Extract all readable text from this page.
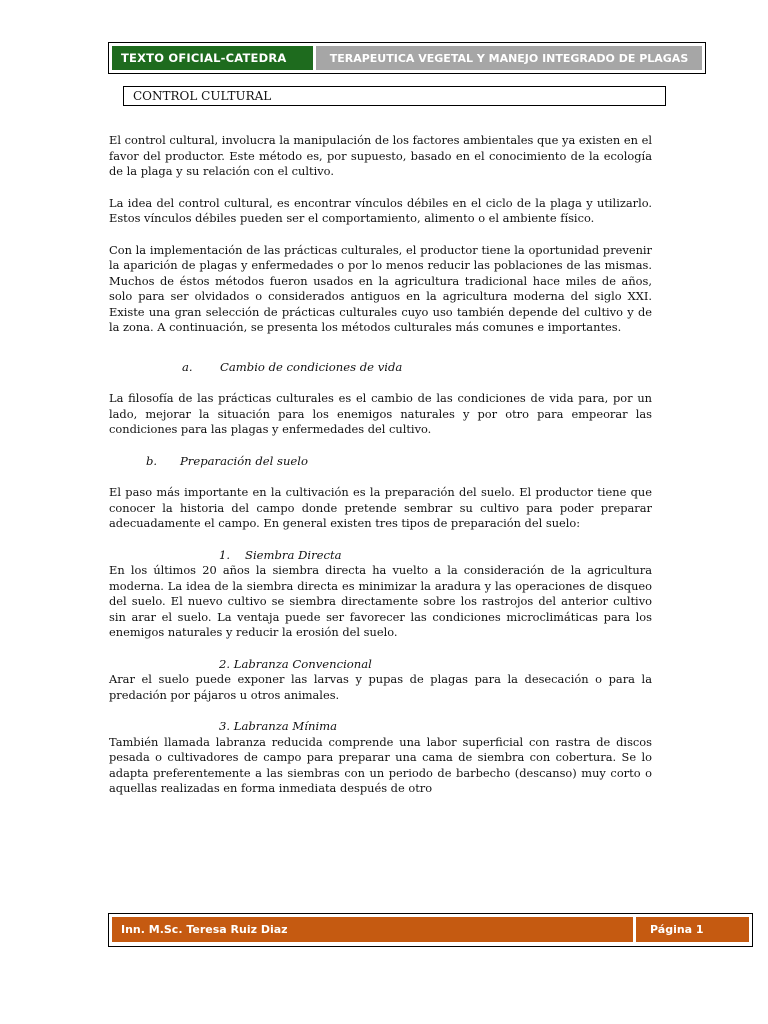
TEXTO OFICIAL-CATEDRA	TERAPEUTICA VEGETAL Y MANEJO INTEGRADO DE PLAGAS
CONTROL CULTURAL

El control cultural, involucra la manipulación de los factores ambientales que ya existen en el favor del productor. Este método es, por supuesto, basado en el conocimiento de la ecología de la plaga y su relación con el cultivo.

La idea del control cultural, es encontrar vínculos débiles en el ciclo de la plaga y utilizarlo. Estos vínculos débiles pueden ser el comportamiento, alimento o el ambiente físico.

Con la implementación de las prácticas culturales, el productor tiene la oportunidad prevenir la aparición de plagas y enfermedades o por lo menos reducir las poblaciones de las mismas. Muchos de éstos métodos fueron usados en la agricultura tradicional hace miles de años, solo para ser olvidados o considerados antiguos en la agricultura moderna del siglo XXI. Existe una gran selección de prácticas culturales cuyo uso también depende del cultivo y de la zona. A continuación, se presenta los métodos culturales más comunes e importantes.

a. Cambio de condiciones de vida

La filosofía de las prácticas culturales es el cambio de las condiciones de vida para, por un lado, mejorar la situación para los enemigos naturales y por otro para empeorar las condiciones para las plagas y enfermedades del cultivo.

b. Preparación del suelo

El paso más importante en la cultivación es la preparación del suelo. El productor tiene que conocer la historia del campo donde pretende sembrar su cultivo para poder preparar adecuadamente el campo. En general existen tres tipos de preparación del suelo:

1. Siembra Directa

En los últimos 20 años la siembra directa ha vuelto a la consideración de la agricultura moderna. La idea de la siembra directa es minimizar la aradura y las operaciones de disqueo del suelo. El nuevo cultivo se siembra directamente sobre los rastrojos del anterior cultivo sin arar el suelo. La ventaja puede ser favorecer las condiciones microclimáticas para los enemigos naturales y reducir la erosión del suelo.

2. Labranza Convencional

Arar el suelo puede exponer las larvas y pupas de plagas para la desecación o para la predación por pájaros u otros animales.

3. Labranza Mínima

También llamada labranza reducida comprende una labor superficial con rastra de discos pesada o cultivadores de campo para preparar una cama de siembra con cobertura. Se lo adapta preferentemente a las siembras con un periodo de barbecho (descanso) muy corto o aquellas realizadas en forma inmediata después de otro

Inn. M.Sc. Teresa Ruiz Diaz	Página 1
